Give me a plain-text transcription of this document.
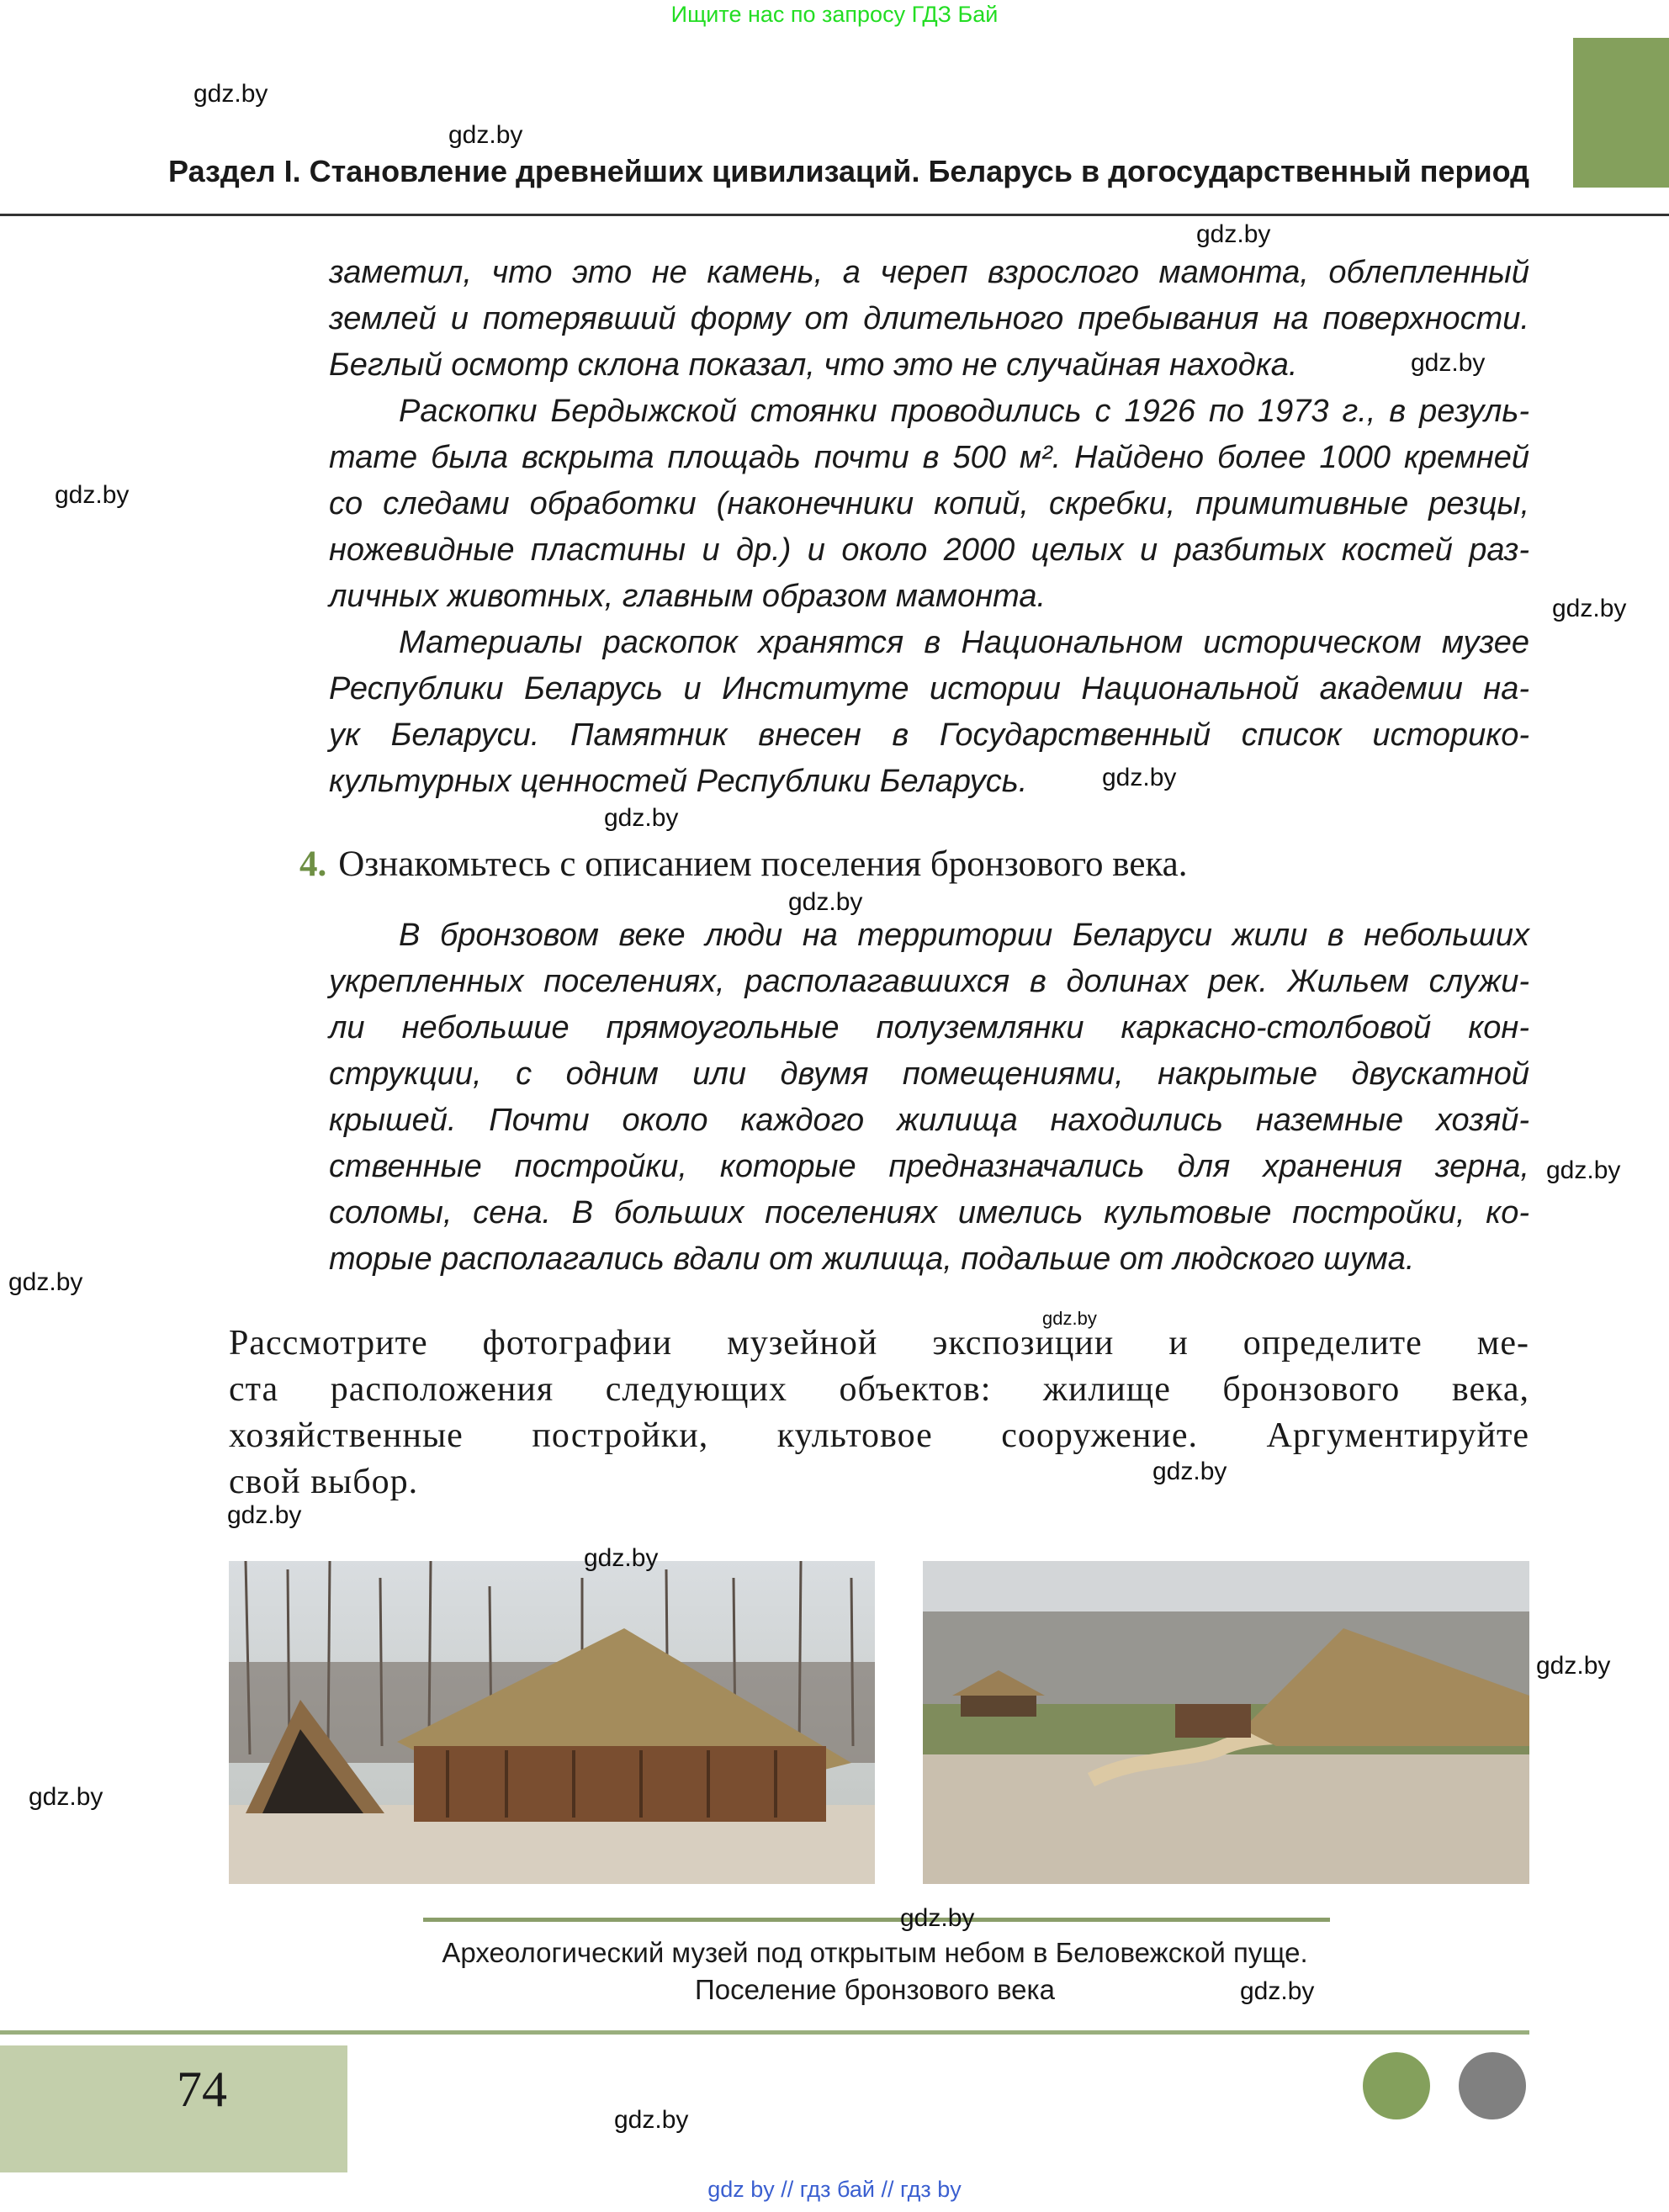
Ищите нас по запросу ГДЗ Бай
Раздел I. Становление древнейших цивилизаций. Беларусь в догосударственный период
заметил, что это не камень, а череп взрослого мамонта, облепленный
землей и потерявший форму от длительного пребывания на поверхности.
Беглый осмотр склона показал, что это не случайная находка.
Раскопки Бердыжской стоянки проводились с 1926 по 1973 г., в резуль-
тате была вскрыта площадь почти в 500 м². Найдено более 1000 кремней
со следами обработки (наконечники копий, скребки, примитивные резцы,
ножевидные пластины и др.) и около 2000 целых и разбитых костей раз-
личных животных, главным образом мамонта.
Материалы раскопок хранятся в Национальном историческом музее
Республики Беларусь и Институте истории Национальной академии на-
ук Беларуси. Памятник внесен в Государственный список историко-
культурных ценностей Республики Беларусь.
4. Ознакомьтесь с описанием поселения бронзового века.
В бронзовом веке люди на территории Беларуси жили в небольших
укрепленных поселениях, располагавшихся в долинах рек. Жильем служи-
ли небольшие прямоугольные полуземлянки каркасно-столбовой кон-
струкции, с одним или двумя помещениями, накрытые двускатной
крышей. Почти около каждого жилища находились наземные хозяй-
ственные постройки, которые предназначались для хранения зерна,
соломы, сена. В больших поселениях имелись культовые постройки, ко-
торые располагались вдали от жилища, подальше от людского шума.
Рассмотрите фотографии музейной экспозиции и определите ме-
ста расположения следующих объектов: жилище бронзового века,
хозяйственные постройки, культовое сооружение. Аргументируйте
свой выбор.
Археологический музей под открытым небом в Беловежской пуще.
Поселение бронзового века
74
gdz by // гдз бай // гдз by
gdz.by
gdz.by
gdz.by
gdz.by
gdz.by
gdz.by
gdz.by
gdz.by
gdz.by
gdz.by
gdz.by
gdz.by
gdz.by
gdz.by
gdz.by
gdz.by
gdz.by
gdz.by
gdz.by
gdz.by
